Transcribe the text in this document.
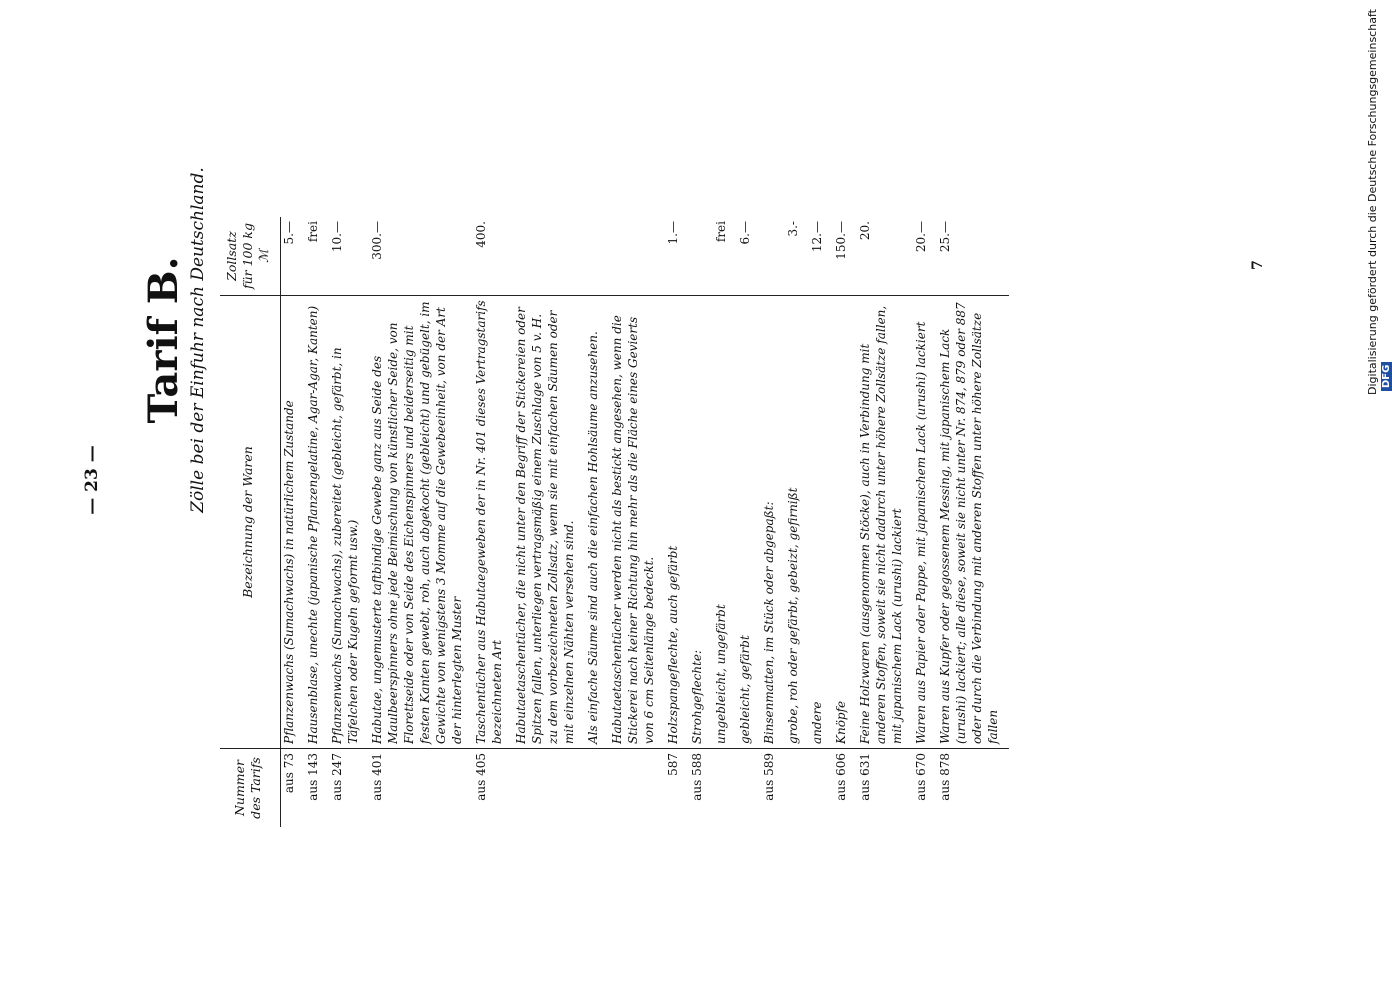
— 23 —
Tarif B. Zölle bei der Einfuhr nach Deutschland.
Nummer des Tarifs	Bezeichnung der Waren	Zollsatz für 100 kg
ℳ
aus 73	Pflanzenwachs (Sumachwachs) in natürlichem Zustande	5.—

aus 143	Hausenblase, unechte (japanische Pflanzengelatine, Agar-Agar, Kanten)	frei

aus 247	Pflanzenwachs (Sumachwachs), zubereitet (gebleicht, gefärbt, in Täfelchen oder Kugeln geformt usw.)	10.—

aus 401	Habutae, ungemusterte taftbindige Gewebe ganz aus Seide des Maulbeerspinners ohne jede Beimischung von künstlicher Seide, von Florettseide oder von Seide des Eichenspinners und beiderseitig mit festen Kanten gewebt, roh, auch abgekocht (gebleicht) und gebügelt, im Gewichte von wenigstens 3 Momme auf die Gewebeeinheit, von der Art der hinterlegten Muster	300.—

aus 405	Taschentücher aus Habutaegeweben der in Nr. 401 dieses Vertragstarifs bezeichneten Art	400.

	Habutaetaschentücher, die nicht unter den Begriff der Stickereien oder Spitzen fallen, unterliegen vertragsmäßig einem Zuschlage von 5 v. H. zu dem vorbezeichneten Zollsatz, wenn sie mit einfachen Säumen oder mit einzelnen Nähten versehen sind.	

	Als einfache Säume sind auch die einfachen Hohlsäume anzusehen.	

	Habutaetaschentücher werden nicht als bestickt angesehen, wenn die Stickerei nach keiner Richtung hin mehr als die Fläche eines Gevierts von 6 cm Seitenlänge bedeckt.	

587	Holzspangeflechte, auch gefärbt	1.—

aus 588	Strohgeflechte:	

	ungebleicht, ungefärbt	frei

	gebleicht, gefärbt	6.—

aus 589	Binsenmatten, im Stück oder abgepaßt:	

	grobe, roh oder gefärbt, gebeizt, gefirnißt	3.-

	andere	12.—

aus 606	Knöpfe	150.—

aus 631	Feine Holzwaren (ausgenommen Stöcke), auch in Verbindung mit anderen Stoffen, soweit sie nicht dadurch unter höhere Zollsätze fallen, mit japanischem Lack (urushi) lackiert	20.

aus 670	Waren aus Papier oder Pappe, mit japanischem Lack (urushi) lackiert	20.—

aus 878	Waren aus Kupfer oder gegossenem Messing, mit japanischem Lack (urushi) lackiert; alle diese, soweit sie nicht unter Nr. 874, 879 oder 887 oder durch die Verbindung mit anderen Stoffen unter höhere Zollsätze fallen	25.—

7	Digitalisierung gefördert durch die Deutsche Forschungsgemeinschaft DFG
